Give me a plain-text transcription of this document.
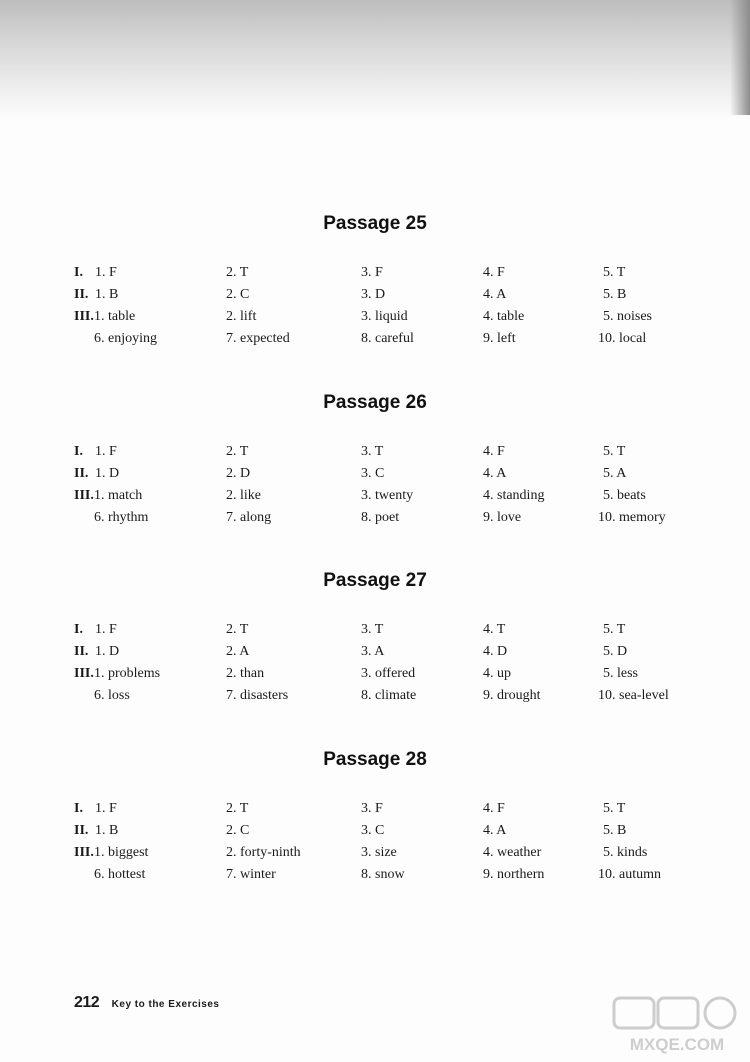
Passage 25
I. 1. F	2. T	3. F	4. F	5. T
II. 1. B	2. C	3. D	4. A	5. B
III. 1. table	2. lift	3. liquid	4. table	5. noises
6. enjoying	7. expected	8. careful	9. left	10. local
Passage 26
I. 1. F	2. T	3. T	4. F	5. T
II. 1. D	2. D	3. C	4. A	5. A
III. 1. match	2. like	3. twenty	4. standing	5. beats
6. rhythm	7. along	8. poet	9. love	10. memory
Passage 27
I. 1. F	2. T	3. T	4. T	5. T
II. 1. D	2. A	3. A	4. D	5. D
III. 1. problems	2. than	3. offered	4. up	5. less
6. loss	7. disasters	8. climate	9. drought	10. sea-level
Passage 28
I. 1. F	2. T	3. F	4. F	5. T
II. 1. B	2. C	3. C	4. A	5. B
III. 1. biggest	2. forty-ninth	3. size	4. weather	5. kinds
6. hottest	7. winter	8. snow	9. northern	10. autumn
212 Key to the Exercises
MXQE.COM
